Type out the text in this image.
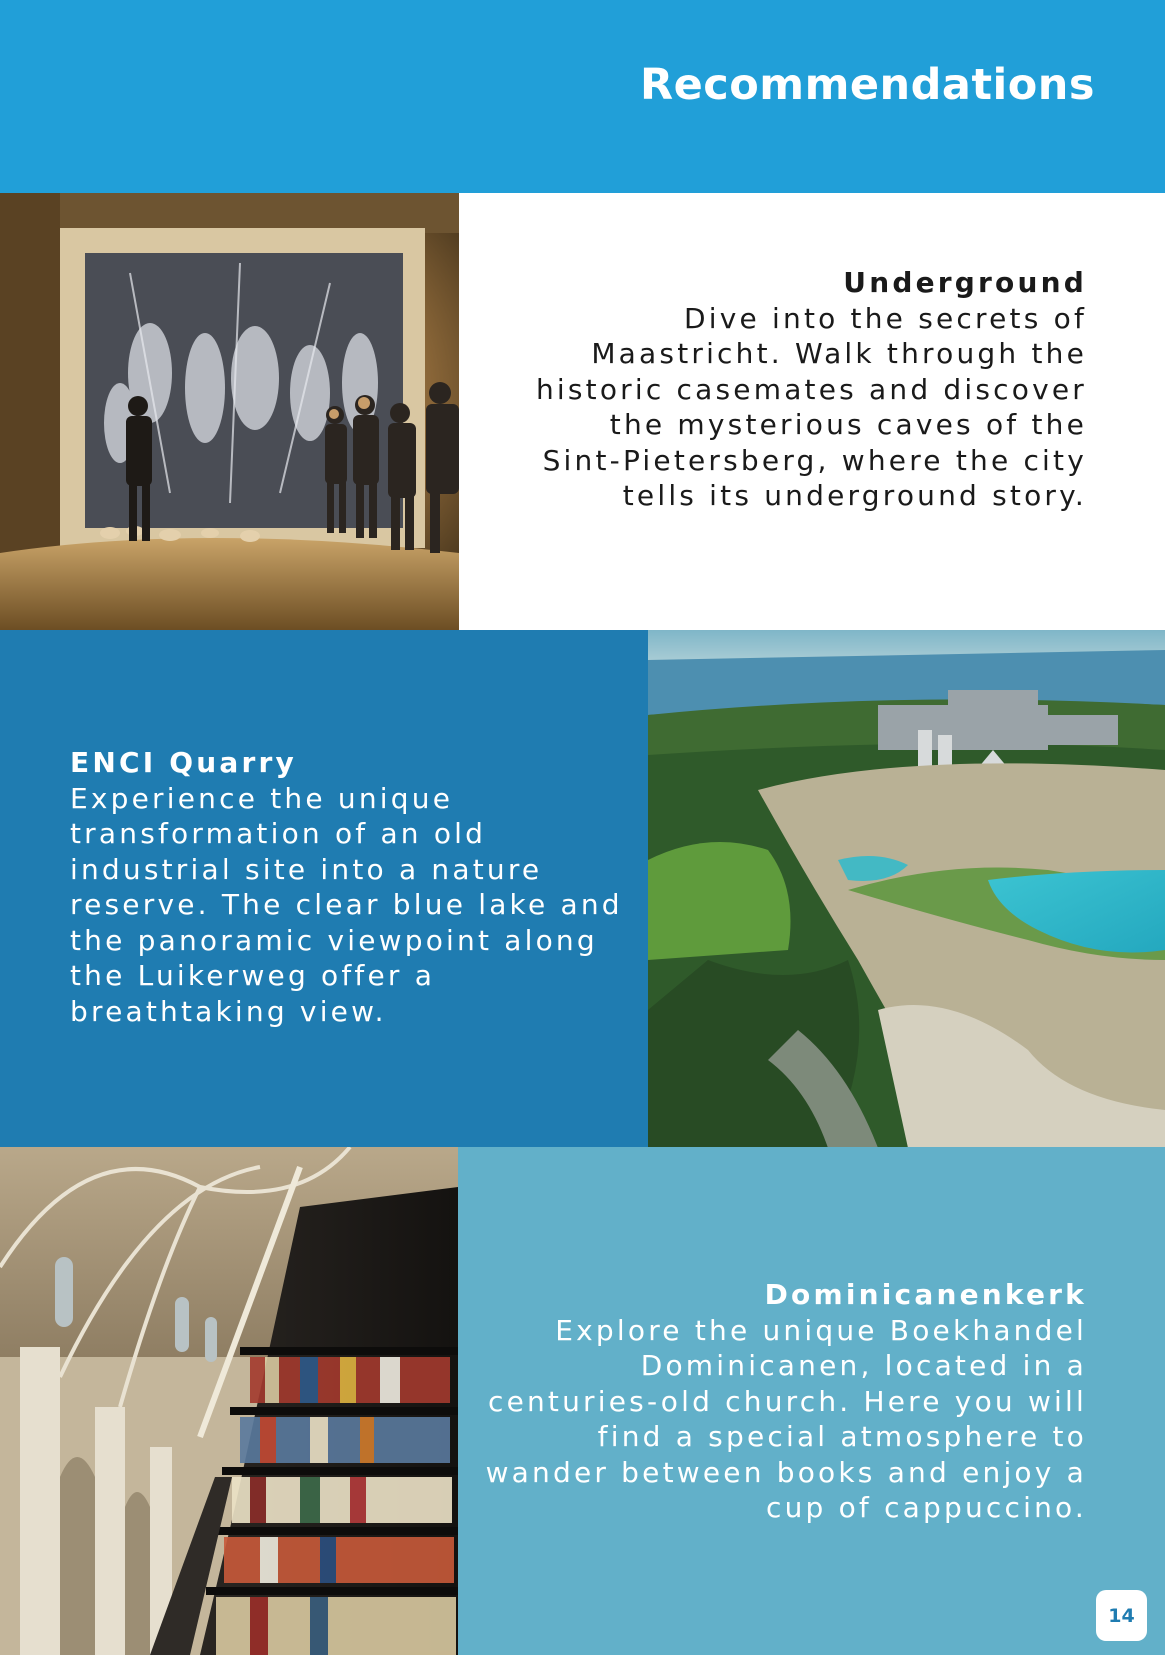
Recommendations
Underground
Dive into the secrets of Maastricht. Walk through the historic casemates and discover the mysterious caves of the Sint-Pietersberg, where the city tells its underground story.
ENCI Quarry
Experience the unique transformation of an old industrial site into a nature reserve. The clear blue lake and the panoramic viewpoint along the Luikerweg offer a breathtaking view.
Dominicanenkerk
Explore the unique Boekhandel Dominicanen, located in a centuries-old church. Here you will find a special atmosphere to wander between books and enjoy a cup of cappuccino.
14
